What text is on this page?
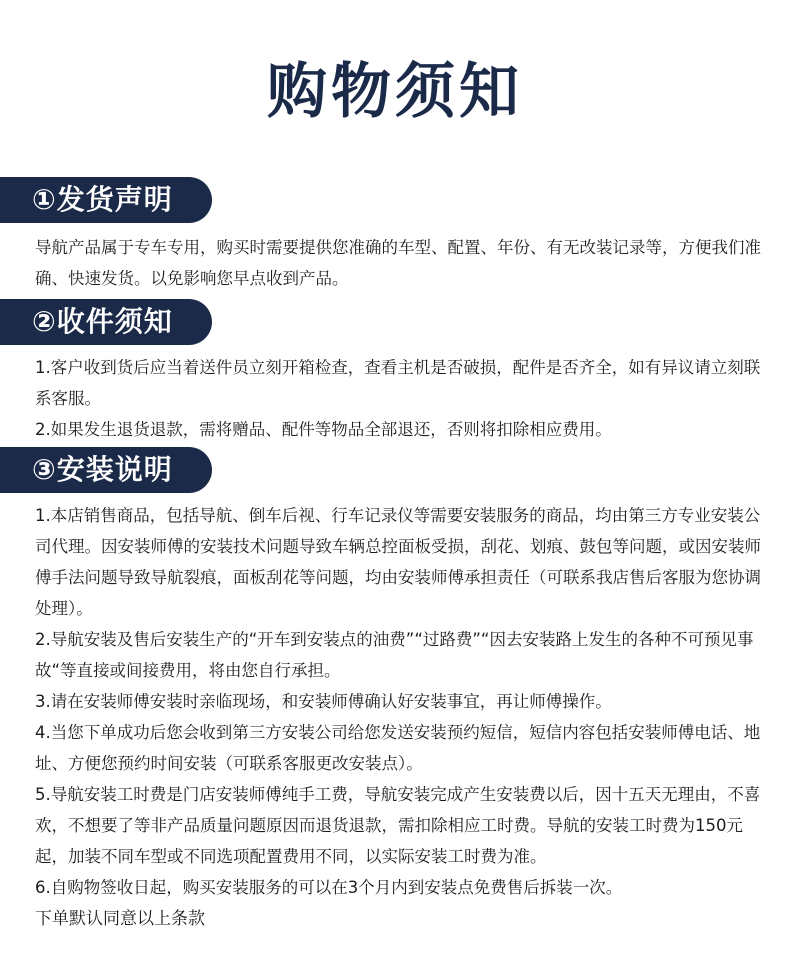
购物须知
①发货声明

导航产品属于专车专用，购买时需要提供您准确的车型、配置、年份、有无改装记录等，方便我们准确、快速发货。以免影响您早点收到产品。

②收件须知

1.客户收到货后应当着送件员立刻开箱检查，查看主机是否破损，配件是否齐全，如有异议请立刻联系客服。

2.如果发生退货退款，需将赠品、配件等物品全部退还，否则将扣除相应费用。

③安装说明

1.本店销售商品，包括导航、倒车后视、行车记录仪等需要安装服务的商品，均由第三方专业安装公司代理。因安装师傅的安装技术问题导致车辆总控面板受损，刮花、划痕、鼓包等问题，或因安装师傅手法问题导致导航裂痕，面板刮花等问题，均由安装师傅承担责任（可联系我店售后客服为您协调处理）。

2.导航安装及售后安装生产的“开车到安装点的油费”“过路费”“因去安装路上发生的各种不可预见事故“等直接或间接费用，将由您自行承担。

3.请在安装师傅安装时亲临现场，和安装师傅确认好安装事宜，再让师傅操作。

4.当您下单成功后您会收到第三方安装公司给您发送安装预约短信，短信内容包括安装师傅电话、地址、方便您预约时间安装（可联系客服更改安装点）。

5.导航安装工时费是门店安装师傅纯手工费，导航安装完成产生安装费以后，因十五天无理由，不喜欢，不想要了等非产品质量问题原因而退货退款，需扣除相应工时费。导航的安装工时费为150元起，加装不同车型或不同选项配置费用不同，以实际安装工时费为准。

6.自购物签收日起，购买安装服务的可以在3个月内到安装点免费售后拆装一次。

下单默认同意以上条款
